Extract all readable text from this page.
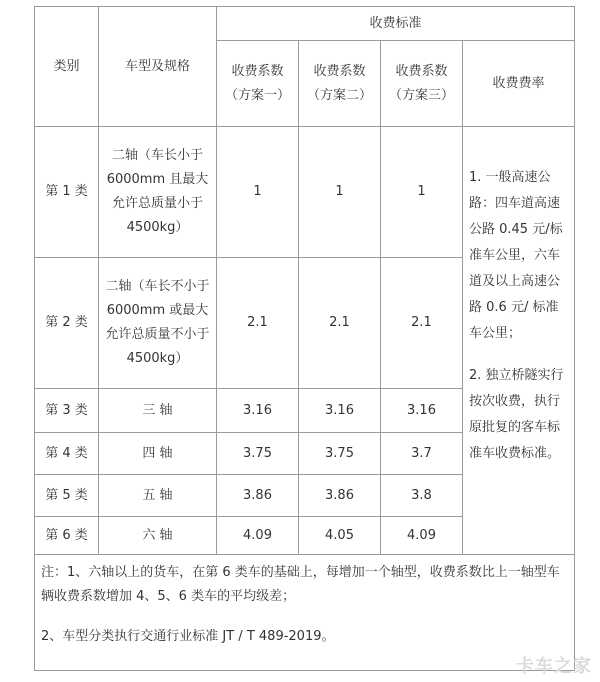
类别	车型及规格	收费标准			
		收费系数（方案一）	收费系数（方案二）	收费系数（方案三）	收费费率
第 1 类	二轴（车长小于6000mm 且最大允许总质量小于4500kg）	1	1	1	1. 一般高速公路：四车道高速公路 0.45 元/标准车公里，六车道及以上高速公路 0.6 元/ 标准车公里；
2. 独立桥隧实行按次收费，执行原批复的客车标准车收费标准。

第 2 类	二轴（车长不小于6000mm 或最大允许总质量不小于4500kg）	2.1	2.1	2.1	
第 3 类	三 轴	3.16	3.16	3.16	
第 4 类	四 轴	3.75	3.75	3.7	
第 5 类	五 轴	3.86	3.86	3.8	
第 6 类	六 轴	4.09	4.05	4.09	
注：1、六轴以上的货车，在第 6 类车的基础上，每增加一个轴型，收费系数比上一轴型车辆收费系数增加 4、5、6 类车的平均级差；
2、车型分类执行交通行业标准 JT / T 489-2019。					
卡车之家
